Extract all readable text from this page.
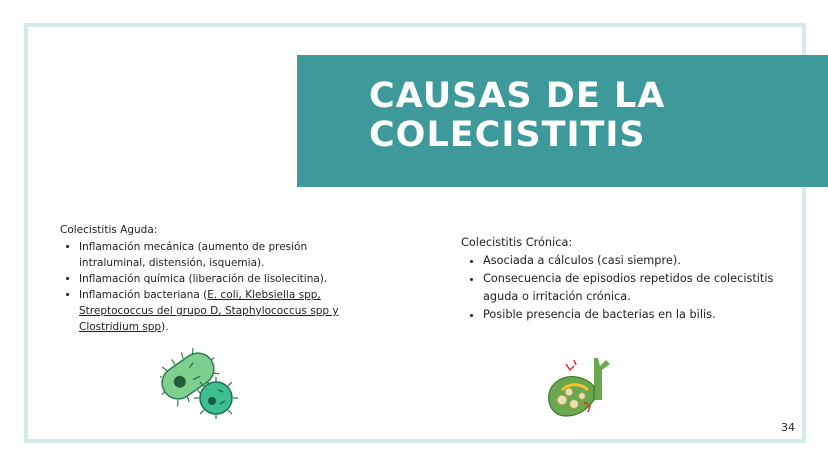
CAUSAS DE LA
COLECISTITIS
Colecistitis Aguda:
• Inflamación mecánica (aumento de presión intraluminal, distensión, isquemia).
• Inflamación química (liberación de lisolecitina).
• Inflamación bacteriana (E. coli, Klebsiella spp, Streptococcus del grupo D, Staphylococcus spp y Clostridium spp).
Colecistitis Crónica:
• Asociada a cálculos (casi siempre).
• Consecuencia de episodios repetidos de colecistitis aguda o irritación crónica.
• Posible presencia de bacterias en la bilis.
34
